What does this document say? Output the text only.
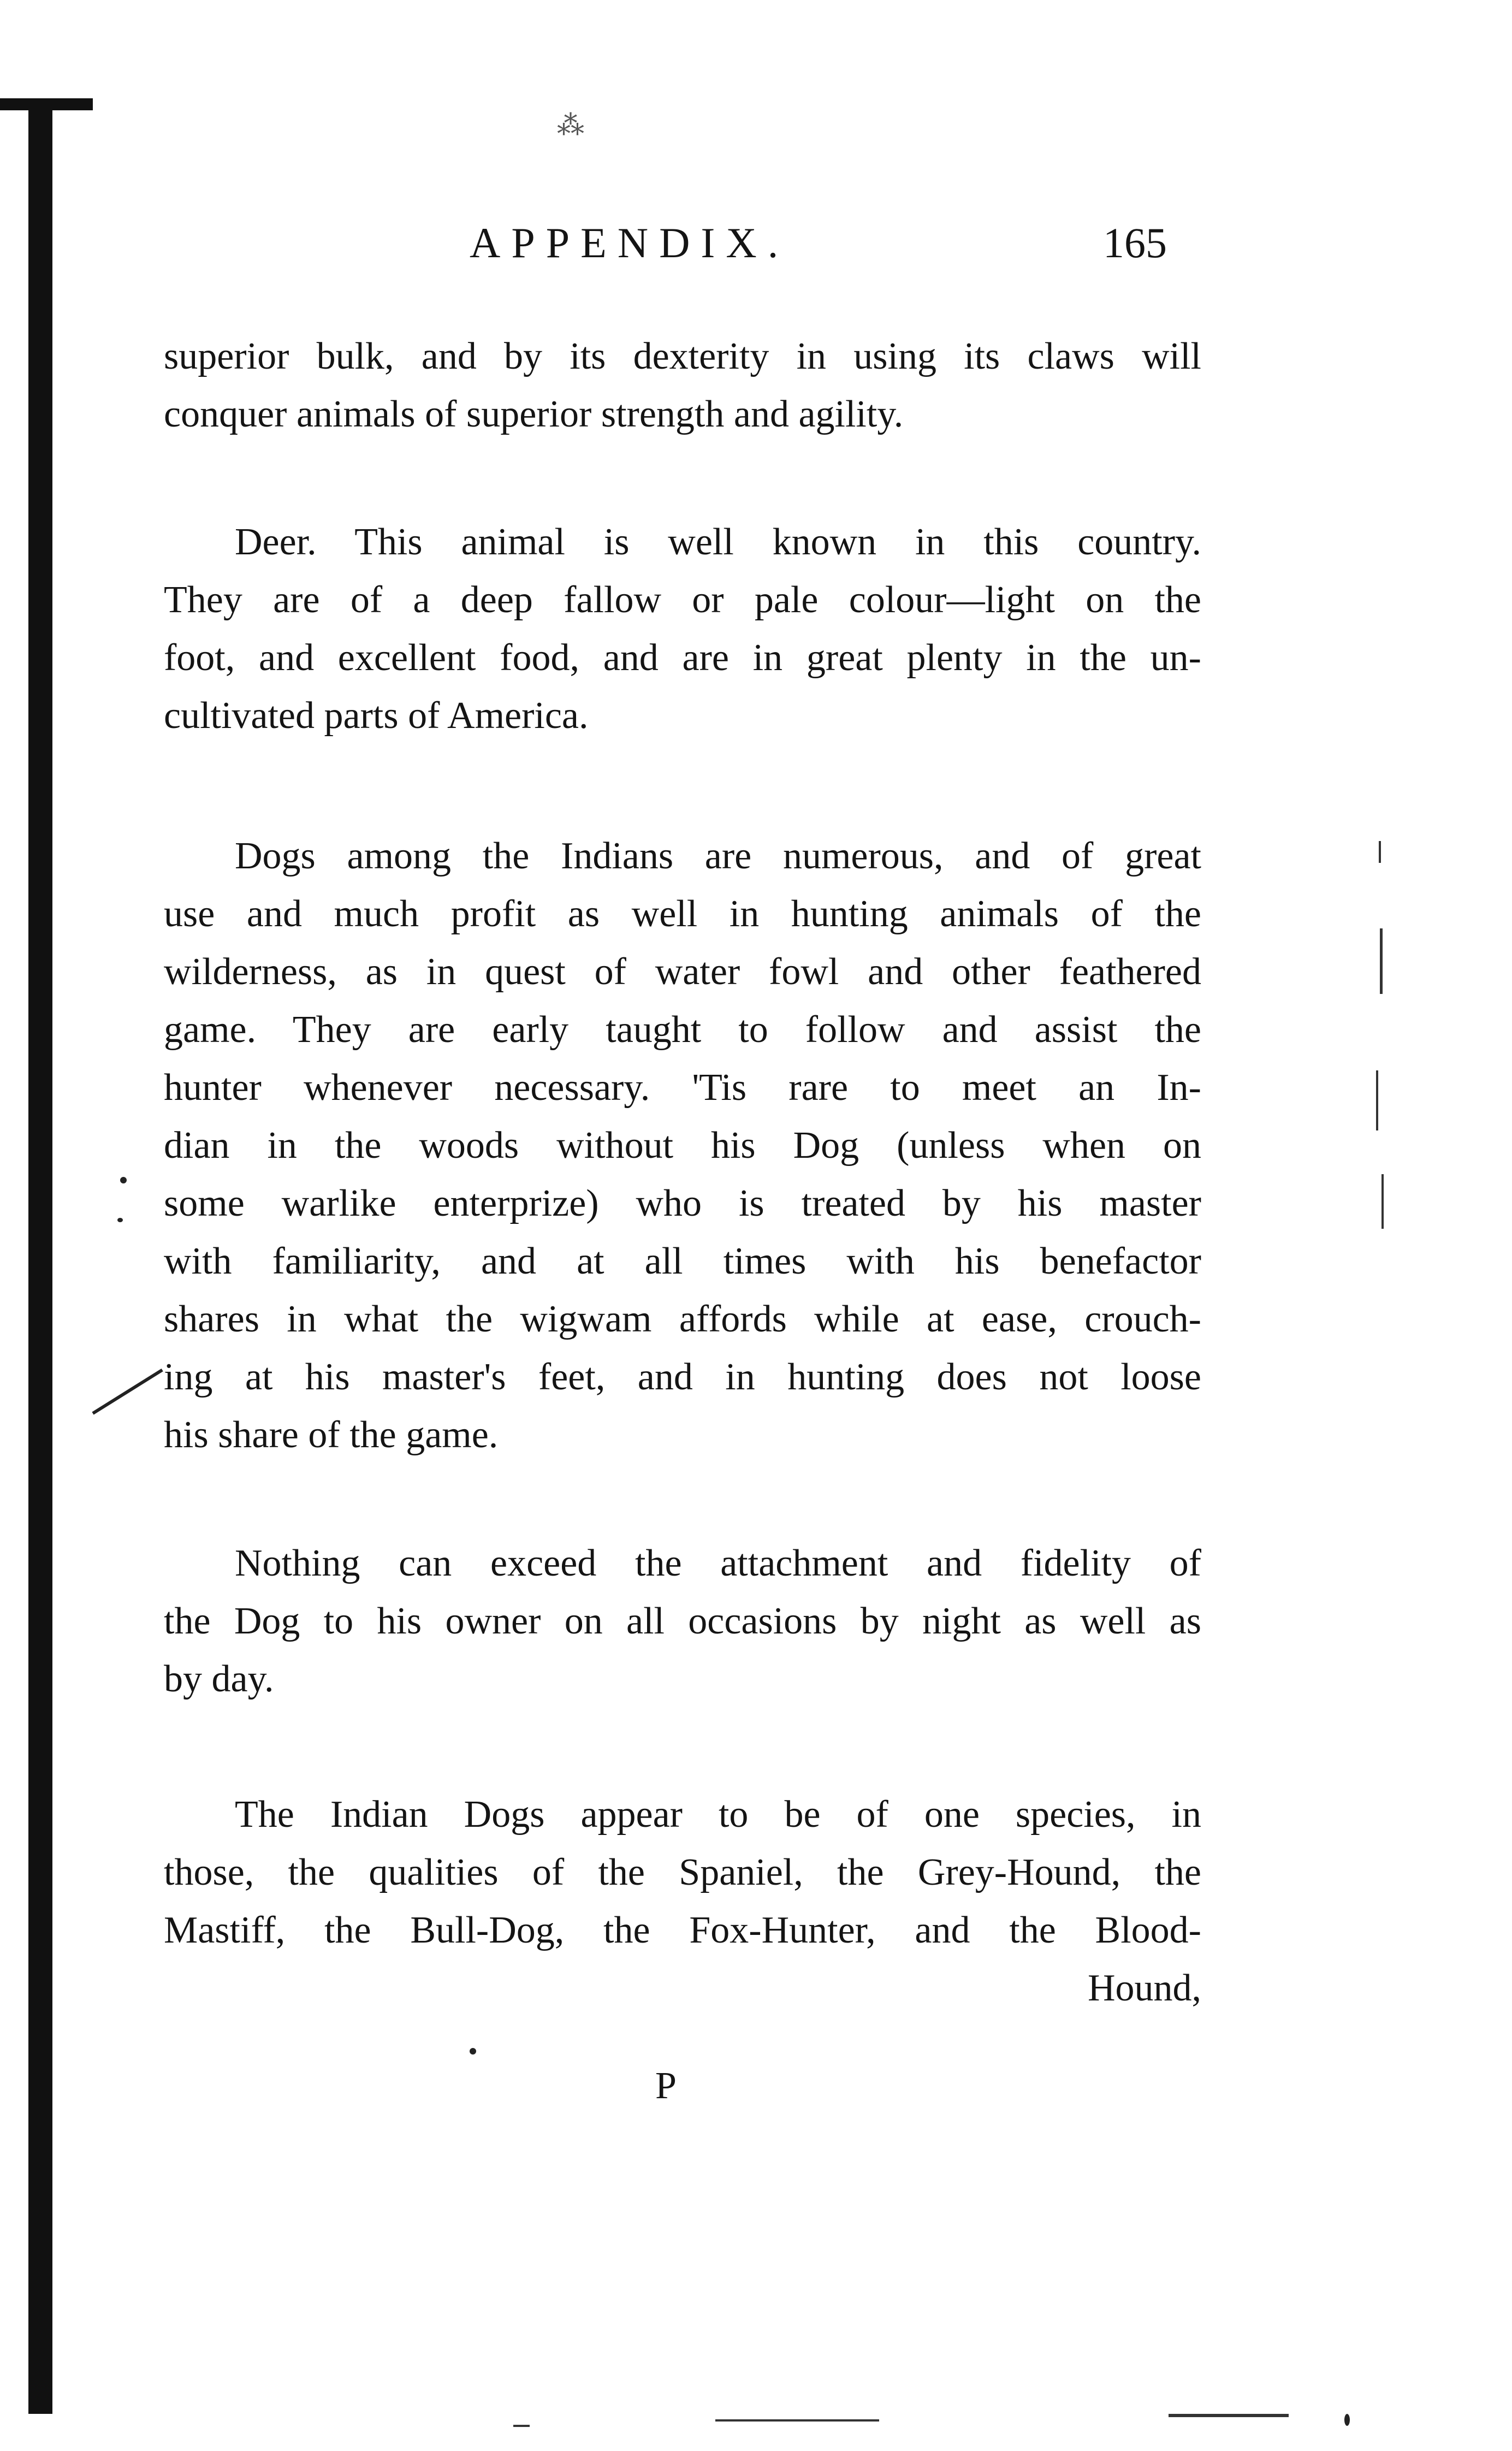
⁂
APPENDIX.	165
superior bulk, and by its dexterity in using its claws will
conquer animals of superior strength and agility.
Deer. This animal is well known in this country.
They are of a deep fallow or pale colour—light on the
foot, and excellent food, and are in great plenty in the un-
cultivated parts of America.
Dogs among the Indians are numerous, and of great
use and much profit as well in hunting animals of the
wilderness, as in quest of water fowl and other feathered
game. They are early taught to follow and assist the
hunter whenever necessary. 'Tis rare to meet an In-
dian in the woods without his Dog (unless when on
some warlike enterprize) who is treated by his master
with familiarity, and at all times with his benefactor
shares in what the wigwam affords while at ease, crouch-
ing at his master's feet, and in hunting does not loose
his share of the game.
Nothing can exceed the attachment and fidelity of
the Dog to his owner on all occasions by night as well as
by day.
The Indian Dogs appear to be of one species, in
those, the qualities of the Spaniel, the Grey-Hound, the
Mastiff, the Bull-Dog, the Fox-Hunter, and the Blood-
Hound,
P
